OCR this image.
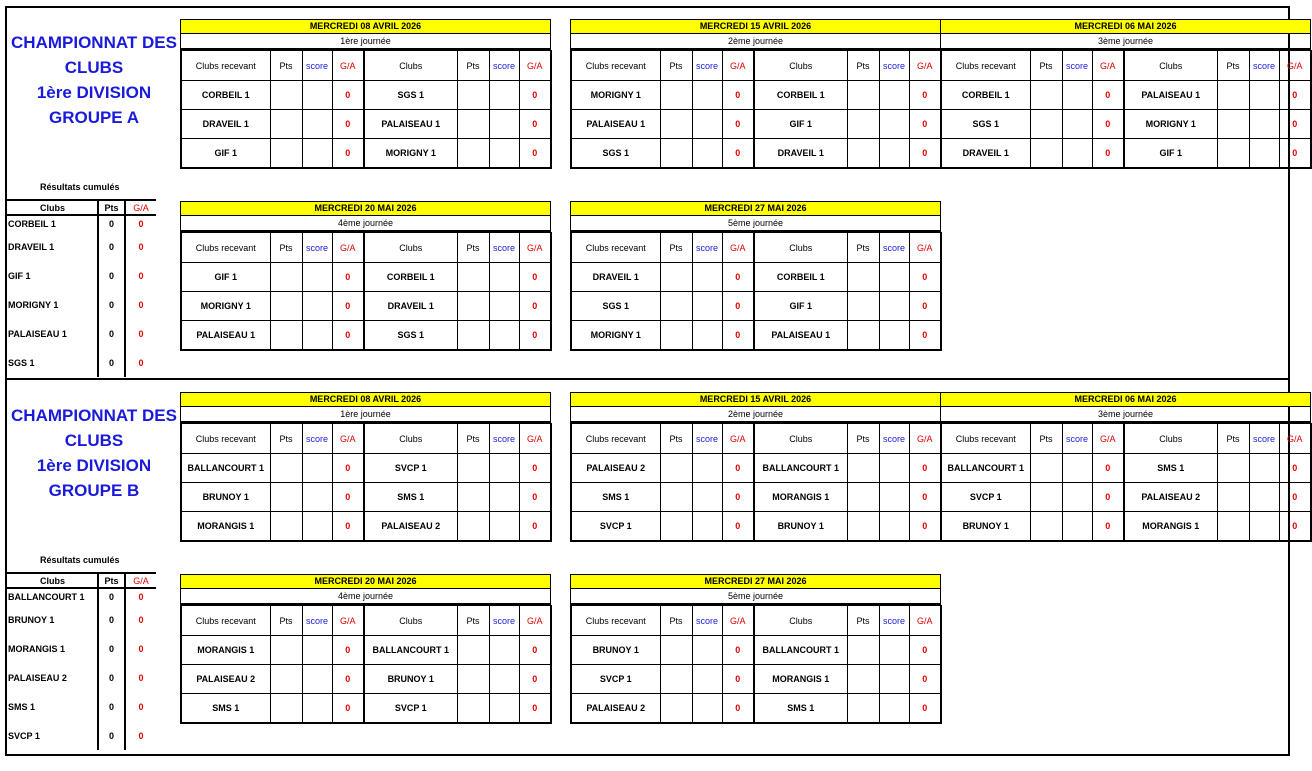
CHAMPIONNAT DES
CLUBS
1ère DIVISION
GROUPE A
Résultats cumulés
Clubs	Pts	G/A
CORBEIL 1	0	0
DRAVEIL 1	0	0
GIF 1	0	0
MORIGNY 1	0	0
PALAISEAU 1	0	0
SGS 1	0	0
MERCREDI 08 AVRIL 2026
1ère journée
Clubs recevant	Pts	score	G/A	Clubs	Pts	score	G/A
CORBEIL 1			0	SGS 1			0
DRAVEIL 1			0	PALAISEAU 1			0
GIF 1			0	MORIGNY 1			0
MERCREDI 15 AVRIL 2026
2ème journée
Clubs recevant	Pts	score	G/A	Clubs	Pts	score	G/A
MORIGNY 1			0	CORBEIL 1			0
PALAISEAU 1			0	GIF 1			0
SGS 1			0	DRAVEIL 1			0
MERCREDI 06 MAI 2026
3ème journée
Clubs recevant	Pts	score	G/A	Clubs	Pts	score	G/A
CORBEIL 1			0	PALAISEAU 1			0
SGS 1			0	MORIGNY 1			0
DRAVEIL 1			0	GIF 1			0
MERCREDI 20 MAI 2026
4ème journée
Clubs recevant	Pts	score	G/A	Clubs	Pts	score	G/A
GIF 1			0	CORBEIL 1			0
MORIGNY 1			0	DRAVEIL 1			0
PALAISEAU 1			0	SGS 1			0
MERCREDI 27 MAI 2026
5ème journée
Clubs recevant	Pts	score	G/A	Clubs	Pts	score	G/A
DRAVEIL 1			0	CORBEIL 1			0
SGS 1			0	GIF 1			0
MORIGNY 1			0	PALAISEAU 1			0
CHAMPIONNAT DES
CLUBS
1ère DIVISION
GROUPE B
Résultats cumulés
Clubs	Pts	G/A
BALLANCOURT 1	0	0
BRUNOY 1	0	0
MORANGIS 1	0	0
PALAISEAU 2	0	0
SMS 1	0	0
SVCP 1	0	0
MERCREDI 08 AVRIL 2026
1ère journée
Clubs recevant	Pts	score	G/A	Clubs	Pts	score	G/A
BALLANCOURT 1			0	SVCP 1			0
BRUNOY 1			0	SMS 1			0
MORANGIS 1			0	PALAISEAU 2			0
MERCREDI 15 AVRIL 2026
2ème journée
Clubs recevant	Pts	score	G/A	Clubs	Pts	score	G/A
PALAISEAU 2			0	BALLANCOURT 1			0
SMS 1			0	MORANGIS 1			0
SVCP 1			0	BRUNOY 1			0
MERCREDI 06 MAI 2026
3ème journée
Clubs recevant	Pts	score	G/A	Clubs	Pts	score	G/A
BALLANCOURT 1			0	SMS 1			0
SVCP 1			0	PALAISEAU 2			0
BRUNOY 1			0	MORANGIS 1			0
MERCREDI 20 MAI 2026
4ème journée
Clubs recevant	Pts	score	G/A	Clubs	Pts	score	G/A
MORANGIS 1			0	BALLANCOURT 1			0
PALAISEAU 2			0	BRUNOY 1			0
SMS 1			0	SVCP 1			0
MERCREDI 27 MAI 2026
5ème journée
Clubs recevant	Pts	score	G/A	Clubs	Pts	score	G/A
BRUNOY 1			0	BALLANCOURT 1			0
SVCP 1			0	MORANGIS 1			0
PALAISEAU 2			0	SMS 1			0
